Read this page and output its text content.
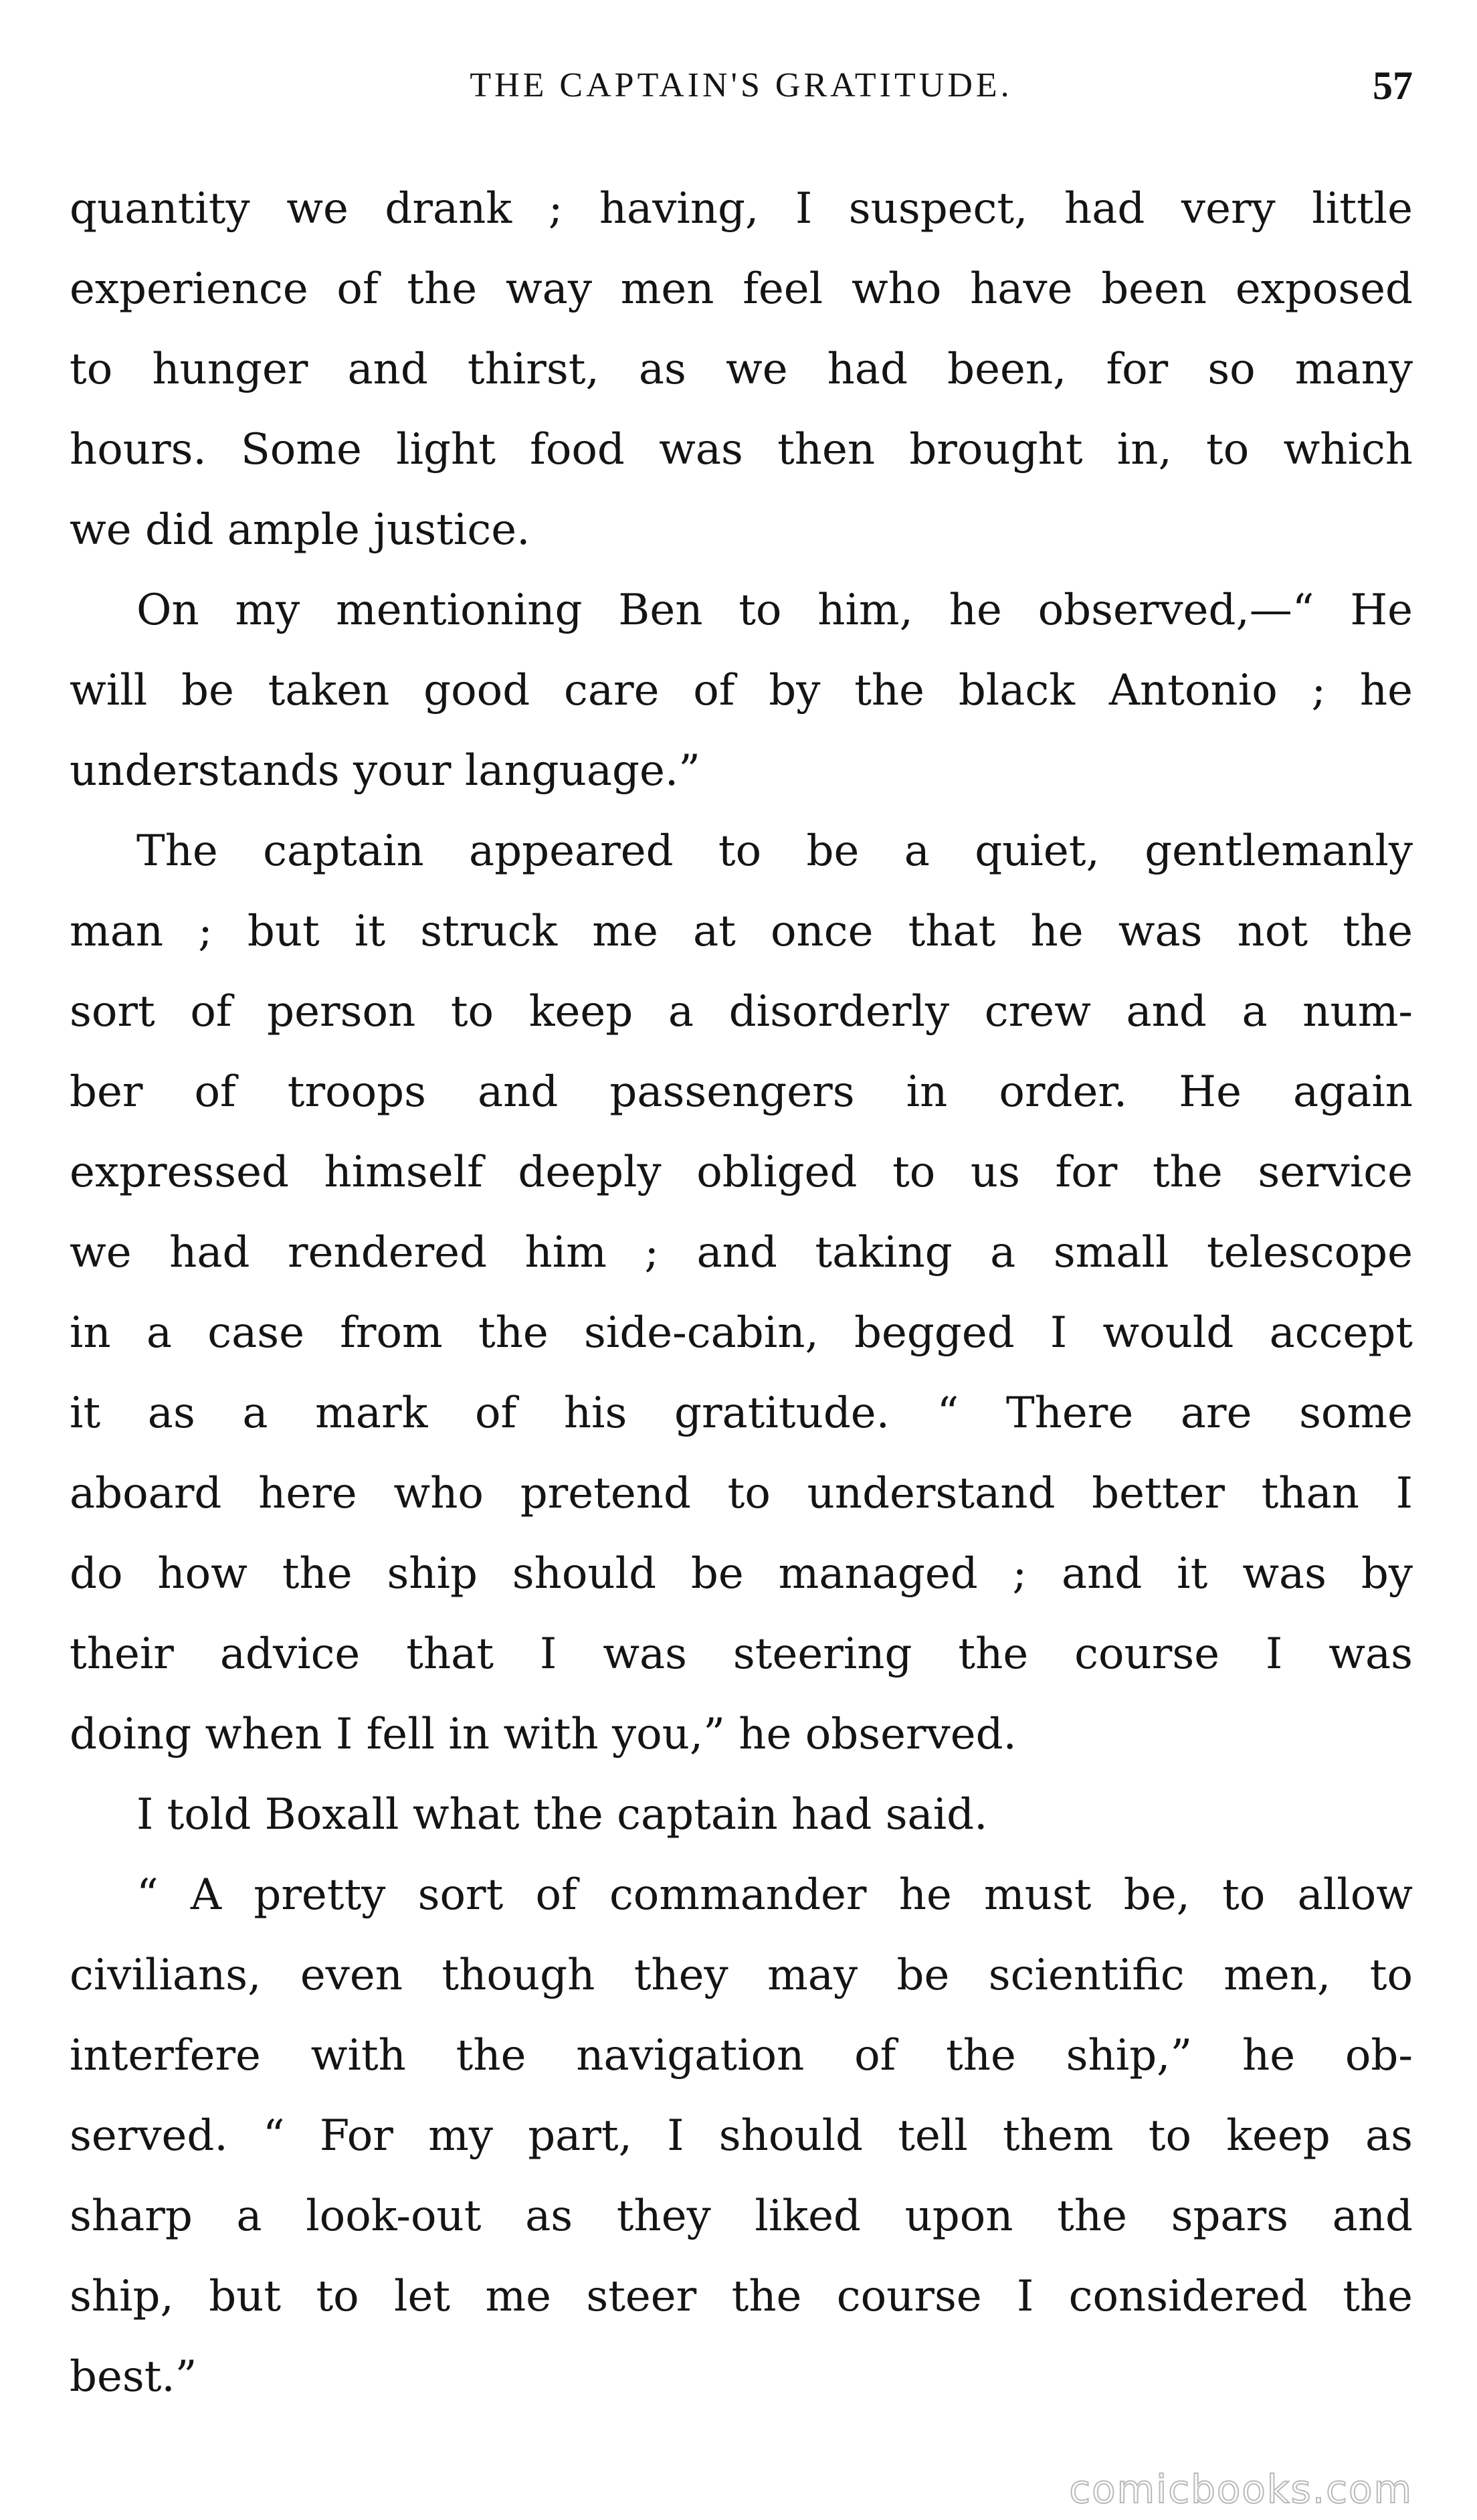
THE CAPTAIN'S GRATITUDE.	57
quantity we drank ; having, I suspect, had very little
experience of the way men feel who have been exposed
to hunger and thirst, as we had been, for so many
hours. Some light food was then brought in, to which
we did ample justice.
On my mentioning Ben to him, he observed,—“ He
will be taken good care of by the black Antonio ; he
understands your language.”
The captain appeared to be a quiet, gentlemanly
man ; but it struck me at once that he was not the
sort of person to keep a disorderly crew and a num-
ber of troops and passengers in order. He again
expressed himself deeply obliged to us for the service
we had rendered him ; and taking a small telescope
in a case from the side-cabin, begged I would accept
it as a mark of his gratitude. “ There are some
aboard here who pretend to understand better than I
do how the ship should be managed ; and it was by
their advice that I was steering the course I was
doing when I fell in with you,” he observed.
I told Boxall what the captain had said.
“ A pretty sort of commander he must be, to allow
civilians, even though they may be scientific men, to
interfere with the navigation of the ship,” he ob-
served. “ For my part, I should tell them to keep as
sharp a look-out as they liked upon the spars and
ship, but to let me steer the course I considered the
best.”
comicbooks.com
